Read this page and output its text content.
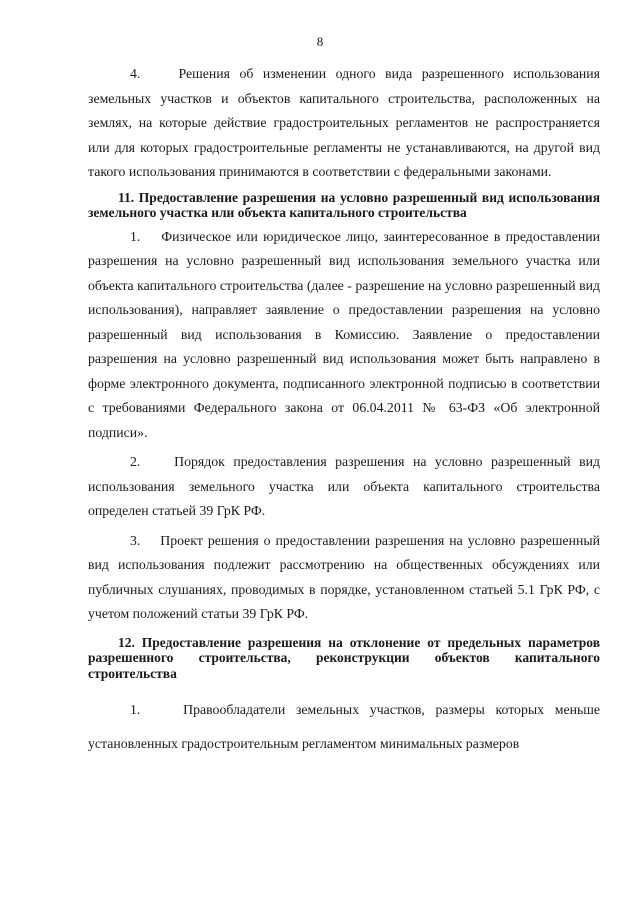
8

4.    Решения об изменении одного вида разрешенного использования земельных участков и объектов капитального строительства, расположенных на землях, на которые действие градостроительных регламентов не распространяется или для которых градостроительные регламенты не устанавливаются, на другой вид такого использования принимаются в соответствии с федеральными законами.

11. Предоставление разрешения на условно разрешенный вид использования земельного участка или объекта капитального строительства

1.    Физическое или юридическое лицо, заинтересованное в предоставлении разрешения на условно разрешенный вид использования земельного участка или объекта капитального строительства (далее - разрешение на условно разрешенный вид использования), направляет заявление о предоставлении разрешения на условно разрешенный вид использования в Комиссию. Заявление о предоставлении разрешения на условно разрешенный вид использования может быть направлено в форме электронного документа, подписанного электронной подписью в соответствии с требованиями Федерального закона от 06.04.2011 № 63-ФЗ «Об электронной подписи».

2.    Порядок предоставления разрешения на условно разрешенный вид использования земельного участка или объекта капитального строительства определен статьей 39 ГрК РФ.

3.    Проект решения о предоставлении разрешения на условно разрешенный вид использования подлежит рассмотрению на общественных обсуждениях или публичных слушаниях, проводимых в порядке, установленном статьей 5.1 ГрК РФ, с учетом положений статьи 39 ГрК РФ.

12. Предоставление разрешения на отклонение от предельных параметров разрешенного строительства, реконструкции объектов капитального строительства

1.    Правообладатели земельных участков, размеры которых меньше установленных градостроительным регламентом минимальных размеров
